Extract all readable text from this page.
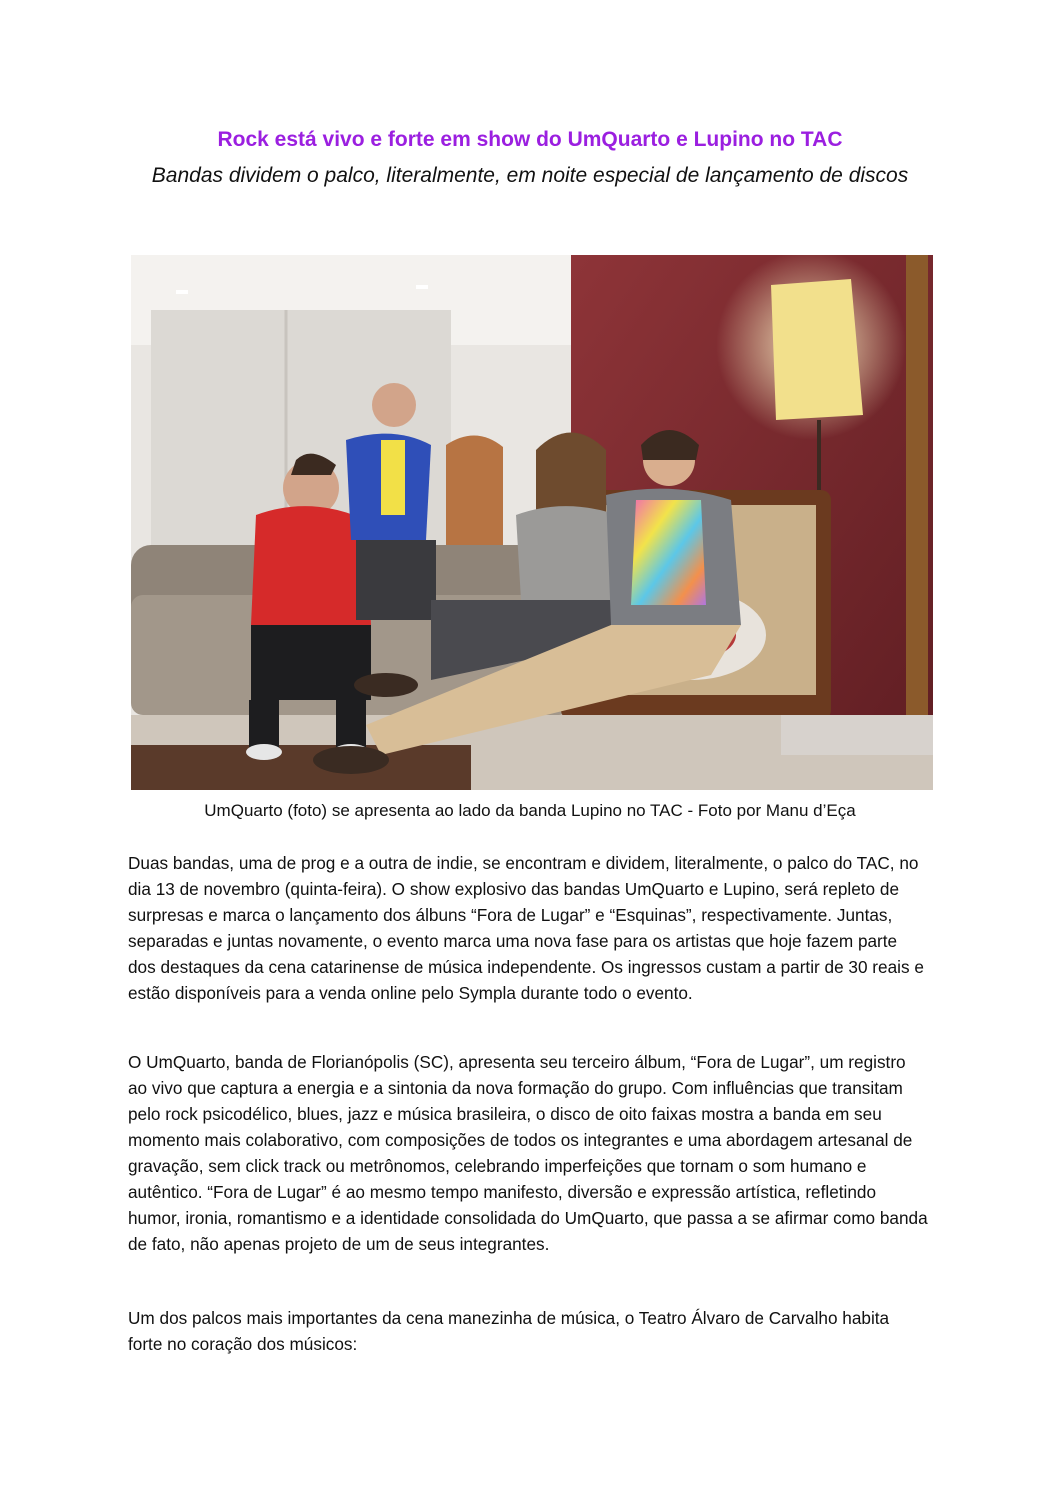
Rock está vivo e forte em show do UmQuarto e Lupino no TAC
Bandas dividem o palco, literalmente, em noite especial de lançamento de discos
UmQuarto (foto) se apresenta ao lado da banda Lupino no TAC - Foto por Manu d’Eça

Duas bandas, uma de prog e a outra de indie, se encontram e dividem, literalmente, o palco do TAC, no dia 13 de novembro (quinta-feira). O show explosivo das bandas UmQuarto e Lupino, será repleto de surpresas e marca o lançamento dos álbuns “Fora de Lugar” e “Esquinas”, respectivamente. Juntas, separadas e juntas novamente, o evento marca uma nova fase para os artistas que hoje fazem parte dos destaques da cena catarinense de música independente. Os ingressos custam a partir de 30 reais e estão disponíveis para a venda online pelo Sympla durante todo o evento.

O UmQuarto, banda de Florianópolis (SC), apresenta seu terceiro álbum, “Fora de Lugar”, um registro ao vivo que captura a energia e a sintonia da nova formação do grupo. Com influências que transitam pelo rock psicodélico, blues, jazz e música brasileira, o disco de oito faixas mostra a banda em seu momento mais colaborativo, com composições de todos os integrantes e uma abordagem artesanal de gravação, sem click track ou metrônomos, celebrando imperfeições que tornam o som humano e autêntico. “Fora de Lugar” é ao mesmo tempo manifesto, diversão e expressão artística, refletindo humor, ironia, romantismo e a identidade consolidada do UmQuarto, que passa a se afirmar como banda de fato, não apenas projeto de um de seus integrantes.

Um dos palcos mais importantes da cena manezinha de música, o Teatro Álvaro de Carvalho habita forte no coração dos músicos:
